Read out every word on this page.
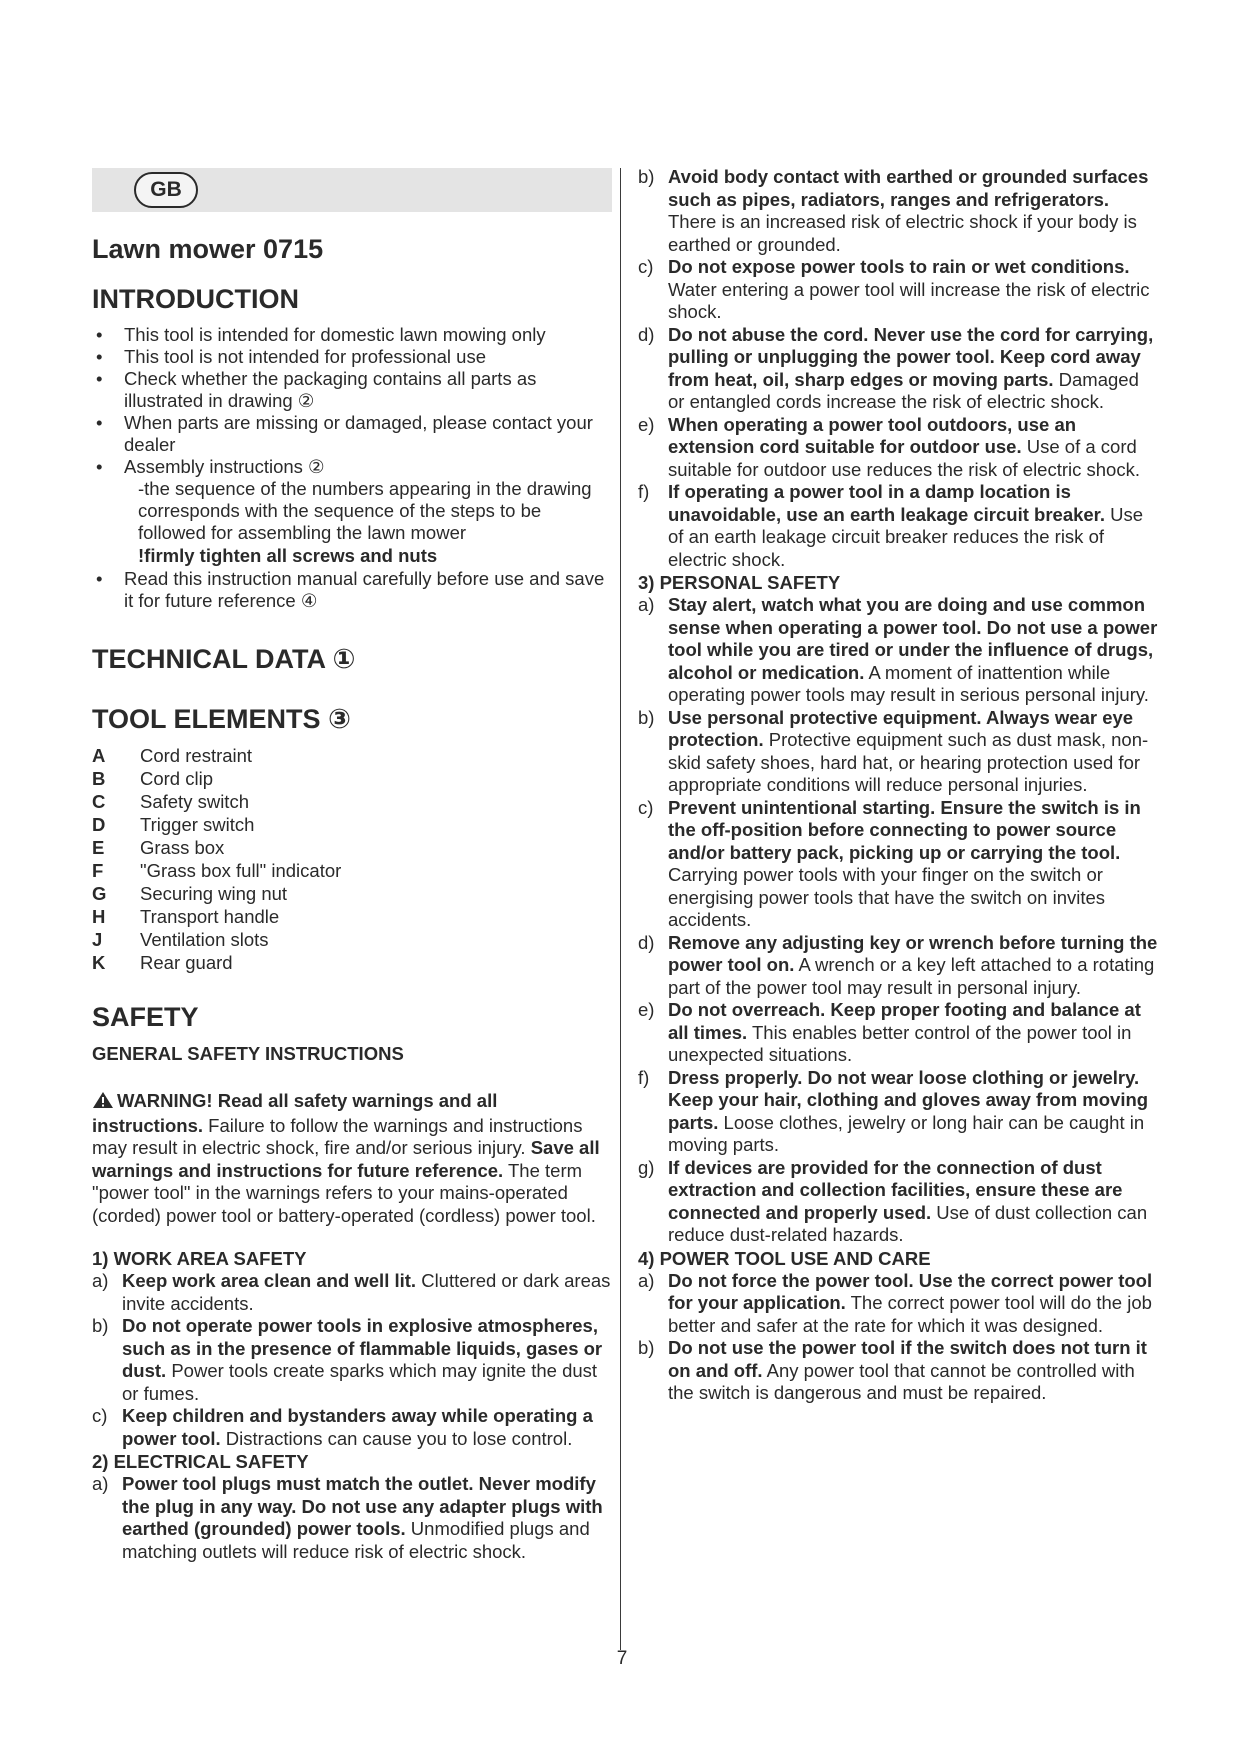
GB
Lawn mower 0715
INTRODUCTION
• This tool is intended for domestic lawn mowing only
• This tool is not intended for professional use
• Check whether the packaging contains all parts as illustrated in drawing ②
• When parts are missing or damaged, please contact your dealer
• Assembly instructions ②
-the sequence of the numbers appearing in the drawing corresponds with the sequence of the steps to be followed for assembling the lawn mower
!firmly tighten all screws and nuts
• Read this instruction manual carefully before use and save it for future reference ④
TECHNICAL DATA ①
TOOL ELEMENTS ③
A	Cord restraint
B	Cord clip
C	Safety switch
D	Trigger switch
E	Grass box
F	"Grass box full" indicator
G	Securing wing nut
H	Transport handle
J	Ventilation slots
K	Rear guard
SAFETY
GENERAL SAFETY INSTRUCTIONS
WARNING! Read all safety warnings and all instructions. Failure to follow the warnings and instructions may result in electric shock, fire and/or serious injury. Save all warnings and instructions for future reference. The term "power tool" in the warnings refers to your mains-operated (corded) power tool or battery-operated (cordless) power tool.
1) WORK AREA SAFETY
a) Keep work area clean and well lit. Cluttered or dark areas invite accidents.
b) Do not operate power tools in explosive atmospheres, such as in the presence of flammable liquids, gases or dust. Power tools create sparks which may ignite the dust or fumes.
c) Keep children and bystanders away while operating a power tool. Distractions can cause you to lose control.
2) ELECTRICAL SAFETY
a) Power tool plugs must match the outlet. Never modify the plug in any way. Do not use any adapter plugs with earthed (grounded) power tools. Unmodified plugs and matching outlets will reduce risk of electric shock.
b) Avoid body contact with earthed or grounded surfaces such as pipes, radiators, ranges and refrigerators. There is an increased risk of electric shock if your body is earthed or grounded.
c) Do not expose power tools to rain or wet conditions. Water entering a power tool will increase the risk of electric shock.
d) Do not abuse the cord. Never use the cord for carrying, pulling or unplugging the power tool. Keep cord away from heat, oil, sharp edges or moving parts. Damaged or entangled cords increase the risk of electric shock.
e) When operating a power tool outdoors, use an extension cord suitable for outdoor use. Use of a cord suitable for outdoor use reduces the risk of electric shock.
f) If operating a power tool in a damp location is unavoidable, use an earth leakage circuit breaker. Use of an earth leakage circuit breaker reduces the risk of electric shock.
3) PERSONAL SAFETY
a) Stay alert, watch what you are doing and use common sense when operating a power tool. Do not use a power tool while you are tired or under the influence of drugs, alcohol or medication. A moment of inattention while operating power tools may result in serious personal injury.
b) Use personal protective equipment. Always wear eye protection. Protective equipment such as dust mask, non-skid safety shoes, hard hat, or hearing protection used for appropriate conditions will reduce personal injuries.
c) Prevent unintentional starting. Ensure the switch is in the off-position before connecting to power source and/or battery pack, picking up or carrying the tool. Carrying power tools with your finger on the switch or energising power tools that have the switch on invites accidents.
d) Remove any adjusting key or wrench before turning the power tool on. A wrench or a key left attached to a rotating part of the power tool may result in personal injury.
e) Do not overreach. Keep proper footing and balance at all times. This enables better control of the power tool in unexpected situations.
f) Dress properly. Do not wear loose clothing or jewelry. Keep your hair, clothing and gloves away from moving parts. Loose clothes, jewelry or long hair can be caught in moving parts.
g) If devices are provided for the connection of dust extraction and collection facilities, ensure these are connected and properly used. Use of dust collection can reduce dust-related hazards.
4) POWER TOOL USE AND CARE
a) Do not force the power tool. Use the correct power tool for your application. The correct power tool will do the job better and safer at the rate for which it was designed.
b) Do not use the power tool if the switch does not turn it on and off. Any power tool that cannot be controlled with the switch is dangerous and must be repaired.
7
